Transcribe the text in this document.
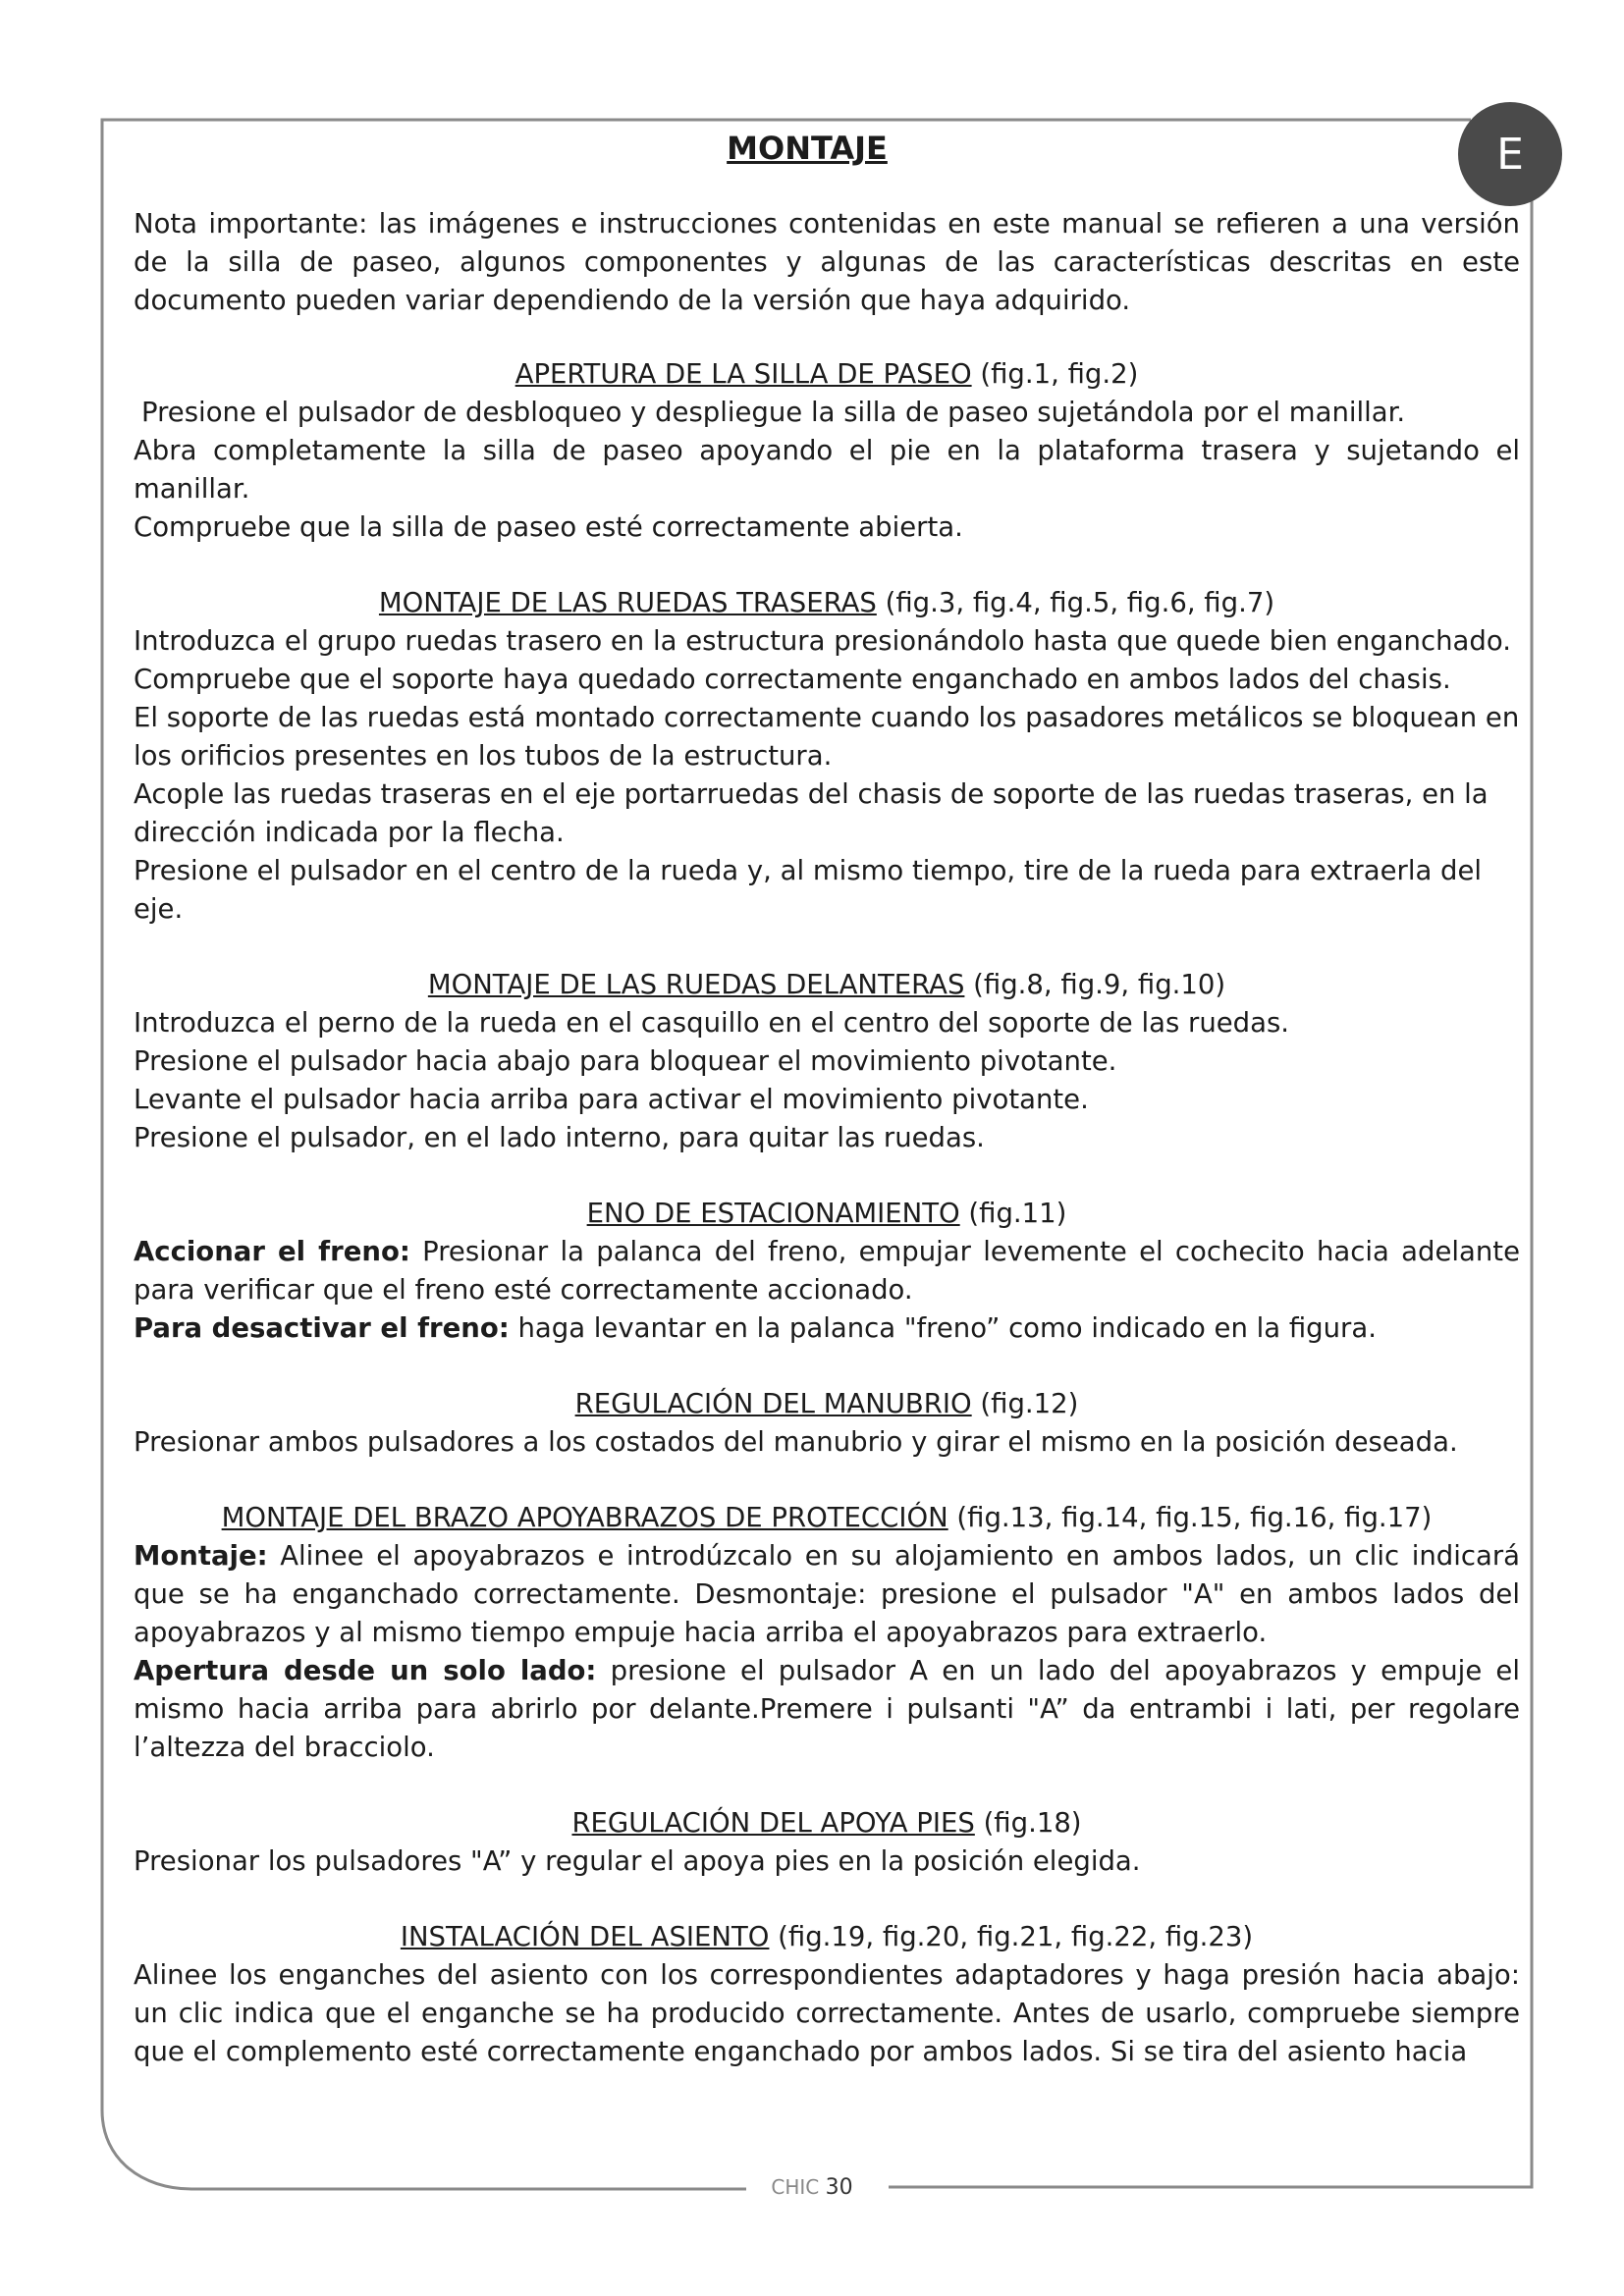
E
MONTAJE

Nota importante: las imágenes e instrucciones contenidas en este manual se refieren a una versión de la silla de paseo, algunos componentes y algunas de las características descritas en este documento pueden variar dependiendo de la versión que haya adquirido.

APERTURA DE LA SILLA DE PASEO (fig.1, fig.2)

Presione el pulsador de desbloqueo y despliegue la silla de paseo sujetándola por el manillar.

Abra completamente la silla de paseo apoyando el pie en la plataforma trasera y sujetando el manillar.

Compruebe que la silla de paseo esté correctamente abierta.

MONTAJE DE LAS RUEDAS TRASERAS (fig.3, fig.4, fig.5, fig.6, fig.7)

Introduzca el grupo ruedas trasero en la estructura presionándolo hasta que quede bien enganchado.

Compruebe que el soporte haya quedado correctamente enganchado en ambos lados del chasis.

El soporte de las ruedas está montado correctamente cuando los pasadores metálicos se bloquean en los orificios presentes en los tubos de la estructura.

Acople las ruedas traseras en el eje portarruedas del chasis de soporte de las ruedas traseras, en la dirección indicada por la flecha.

Presione el pulsador en el centro de la rueda y, al mismo tiempo, tire de la rueda para extraerla del eje.

MONTAJE DE LAS RUEDAS DELANTERAS (fig.8, fig.9, fig.10)

Introduzca el perno de la rueda en el casquillo en el centro del soporte de las ruedas.

Presione el pulsador hacia abajo para bloquear el movimiento pivotante.

Levante el pulsador hacia arriba para activar el movimiento pivotante.

Presione el pulsador, en el lado interno, para quitar las ruedas.

ENO DE ESTACIONAMIENTO (fig.11)

Accionar el freno: Presionar la palanca del freno, empujar levemente el cochecito hacia adelante para verificar que el freno esté correctamente accionado.

Para desactivar el freno: haga levantar en la palanca "freno” como indicado en la figura.

REGULACIÓN DEL MANUBRIO (fig.12)

Presionar ambos pulsadores a los costados del manubrio y girar el mismo en la posición deseada.

MONTAJE DEL BRAZO APOYABRAZOS DE PROTECCIÓN (fig.13, fig.14, fig.15, fig.16, fig.17)

Montaje: Alinee el apoyabrazos e introdúzcalo en su alojamiento en ambos lados, un clic indicará que se ha enganchado correctamente. Desmontaje: presione el pulsador "A" en ambos lados del apoyabrazos y al mismo tiempo empuje hacia arriba el apoyabrazos para extraerlo.

Apertura desde un solo lado: presione el pulsador A en un lado del apoyabrazos y empuje el mismo hacia arriba para abrirlo por delante.Premere i pulsanti "A” da entrambi i lati, per regolare l’altezza del bracciolo.

REGULACIÓN DEL APOYA PIES (fig.18)

Presionar los pulsadores "A” y regular el apoya pies en la posición elegida.

INSTALACIÓN DEL ASIENTO (fig.19, fig.20, fig.21, fig.22, fig.23)

Alinee los enganches del asiento con los correspondientes adaptadores y haga presión hacia abajo: un clic indica que el enganche se ha producido correctamente. Antes de usarlo, compruebe siempre que el complemento esté correctamente enganchado por ambos lados. Si se tira del asiento hacia

CHIC 30
